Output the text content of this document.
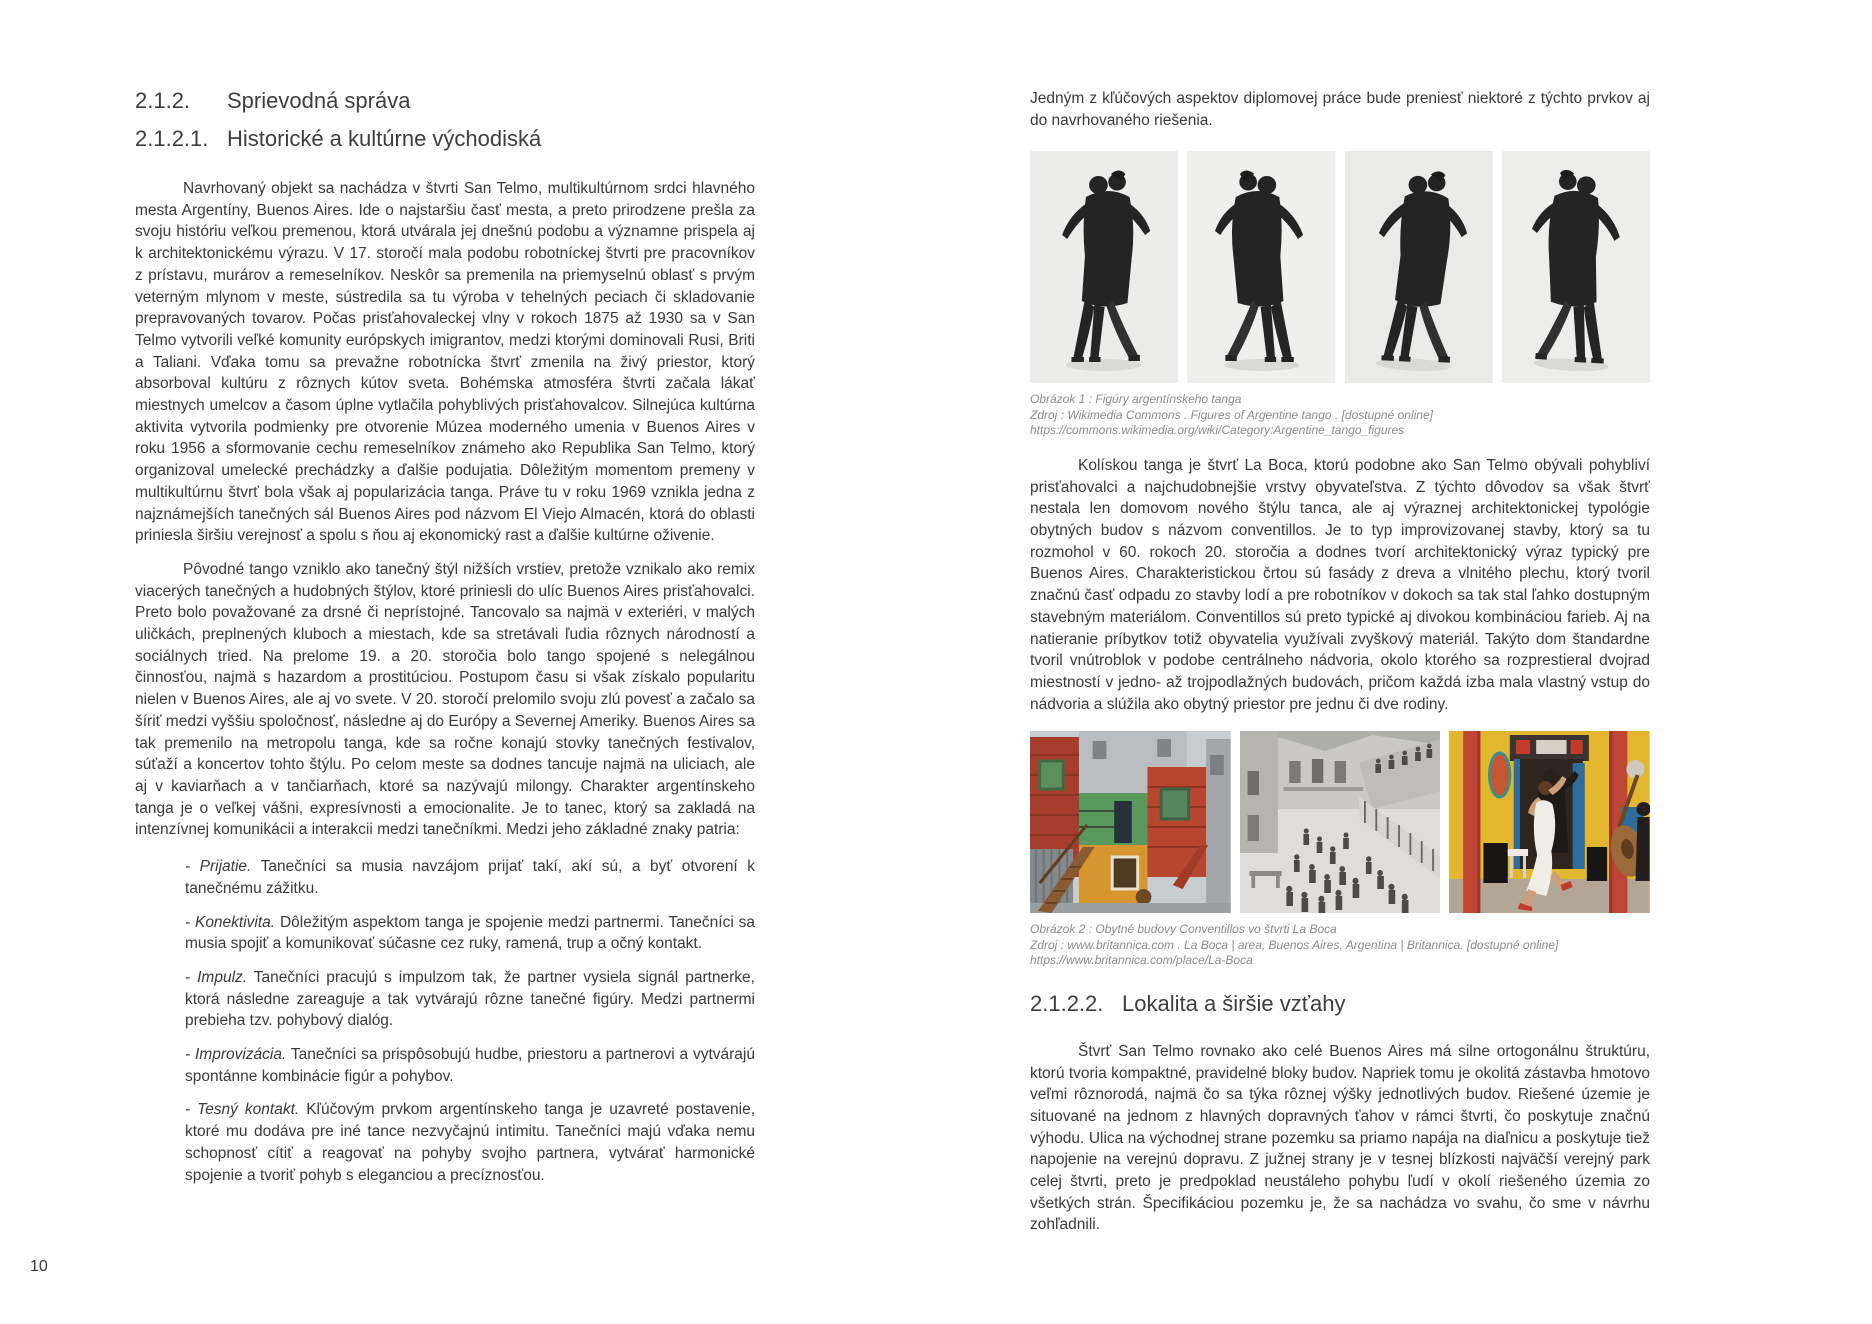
2.1.2.	Sprievodná správa
2.1.2.1. Historické a kultúrne východiská

Navrhovaný objekt sa nachádza v štvrti San Telmo, multikultúrnom srdci hlavného mesta Argentíny, Buenos Aires. Ide o najstaršiu časť mesta, a preto prirodzene prešla za svoju históriu veľkou premenou, ktorá utvárala jej dnešnú podobu a významne prispela aj k architektonickému výrazu. V 17. storočí mala podobu robotníckej štvrti pre pracovníkov z prístavu, murárov a remeselníkov. Neskôr sa premenila na priemyselnú oblasť s prvým veterným mlynom v meste, sústredila sa tu výroba v tehelných peciach či skladovanie prepravovaných tovarov. Počas prisťahovaleckej vlny v rokoch 1875 až 1930 sa v San Telmo vytvorili veľké komunity európskych imigrantov, medzi ktorými dominovali Rusi, Briti a Taliani. Vďaka tomu sa prevažne robotnícka štvrť zmenila na živý priestor, ktorý absorboval kultúru z rôznych kútov sveta. Bohémska atmosféra štvrti začala lákať miestnych umelcov a časom úplne vytlačila pohyblivých prisťahovalcov. Silnejúca kultúrna aktivita vytvorila podmienky pre otvorenie Múzea moderného umenia v Buenos Aires v roku 1956 a sformovanie cechu remeselníkov známeho ako Republika San Telmo, ktorý organizoval umelecké prechádzky a ďalšie podujatia. Dôležitým momentom premeny v multikultúrnu štvrť bola však aj popularizácia tanga. Práve tu v roku 1969 vznikla jedna z najznámejších tanečných sál Buenos Aires pod názvom El Viejo Almacén, ktorá do oblasti priniesla širšiu verejnosť a spolu s ňou aj ekonomický rast a ďalšie kultúrne oživenie.

Pôvodné tango vzniklo ako tanečný štýl nižších vrstiev, pretože vznikalo ako remix viacerých tanečných a hudobných štýlov, ktoré priniesli do ulíc Buenos Aires prisťahovalci. Preto bolo považované za drsné či neprístojné. Tancovalo sa najmä v exteriéri, v malých uličkách, preplnených kluboch a miestach, kde sa stretávali ľudia rôznych národností a sociálnych tried. Na prelome 19. a 20. storočia bolo tango spojené s nelegálnou činnosťou, najmä s hazardom a prostitúciou. Postupom času si však získalo popularitu nielen v Buenos Aires, ale aj vo svete. V 20. storočí prelomilo svoju zlú povesť a začalo sa šíriť medzi vyššiu spoločnosť, následne aj do Európy a Severnej Ameriky. Buenos Aires sa tak premenilo na metropolu tanga, kde sa ročne konajú stovky tanečných festivalov, súťaží a koncertov tohto štýlu. Po celom meste sa dodnes tancuje najmä na uliciach, ale aj v kaviarňach a v tančiarňach, ktoré sa nazývajú milongy. Charakter argentínskeho tanga je o veľkej vášni, expresívnosti a emocionalite. Je to tanec, ktorý sa zakladá na intenzívnej komunikácii a interakcii medzi tanečníkmi. Medzi jeho základné znaky patria:

- Prijatie. Tanečníci sa musia navzájom prijať takí, akí sú, a byť otvorení k tanečnému zážitku.

- Konektivita. Dôležitým aspektom tanga je spojenie medzi partnermi. Tanečníci sa musia spojiť a komunikovať súčasne cez ruky, ramená, trup a očný kontakt.

- Impulz. Tanečníci pracujú s impulzom tak, že partner vysiela signál partnerke, ktorá následne zareaguje a tak vytvárajú rôzne tanečné figúry. Medzi partnermi prebieha tzv. pohybový dialóg.

- Improvizácia. Tanečníci sa prispôsobujú hudbe, priestoru a partnerovi a vytvárajú spontánne kombinácie figúr a pohybov.

- Tesný kontakt. Kľúčovým prvkom argentínskeho tanga je uzavreté postavenie, ktoré mu dodáva pre iné tance nezvyčajnú intimitu. Tanečníci majú vďaka nemu schopnosť cítiť a reagovať na pohyby svojho partnera, vytvárať harmonické spojenie a tvoriť pohyb s eleganciou a precíznosťou.

Jedným z kľúčových aspektov diplomovej práce bude preniesť niektoré z týchto prvkov aj do navrhovaného riešenia.

Obrázok 1 : Figúry argentínskeho tanga
Zdroj : Wikimedia Commons . Figures of Argentine tango . [dostupné online]
https://commons.wikimedia.org/wiki/Category:Argentine_tango_figures

Kolískou tanga je štvrť La Boca, ktorú podobne ako San Telmo obývali pohybliví prisťahovalci a najchudobnejšie vrstvy obyvateľstva. Z týchto dôvodov sa však štvrť nestala len domovom nového štýlu tanca, ale aj výraznej architektonickej typológie obytných budov s názvom conventillos. Je to typ improvizovanej stavby, ktorý sa tu rozmohol v 60. rokoch 20. storočia a dodnes tvorí architektonický výraz typický pre Buenos Aires. Charakteristickou črtou sú fasády z dreva a vlnitého plechu, ktorý tvoril značnú časť odpadu zo stavby lodí a pre robotníkov v dokoch sa tak stal ľahko dostupným stavebným materiálom. Conventillos sú preto typické aj divokou kombináciou farieb. Aj na natieranie príbytkov totiž obyvatelia využívali zvyškový materiál. Takýto dom štandardne tvoril vnútroblok v podobe centrálneho nádvoria, okolo ktorého sa rozprestieral dvojrad miestností v jedno- až trojpodlažných budovách, pričom každá izba mala vlastný vstup do nádvoria a slúžila ako obytný priestor pre jednu či dve rodiny.

Obrázok 2 : Obytné budovy Conventillos vo štvrti La Boca
Zdroj : www.britannica.com . La Boca | area, Buenos Aires, Argentina | Britannica. [dostupné online]
https://www.britannica.com/place/La-Boca
2.1.2.2. Lokalita a širšie vzťahy

Štvrť San Telmo rovnako ako celé Buenos Aires má silne ortogonálnu štruktúru, ktorú tvoria kompaktné, pravidelné bloky budov. Napriek tomu je okolitá zástavba hmotovo veľmi rôznorodá, najmä čo sa týka rôznej výšky jednotlivých budov. Riešené územie je situované na jednom z hlavných dopravných ťahov v rámci štvrti, čo poskytuje značnú výhodu. Ulica na východnej strane pozemku sa priamo napája na diaľnicu a poskytuje tiež napojenie na verejnú dopravu. Z južnej strany je v tesnej blízkosti najväčší verejný park celej štvrti, preto je predpoklad neustáleho pohybu ľudí v okolí riešeného územia zo všetkých strán. Špecifikáciou pozemku je, že sa nachádza vo svahu, čo sme v návrhu zohľadnili.

10
